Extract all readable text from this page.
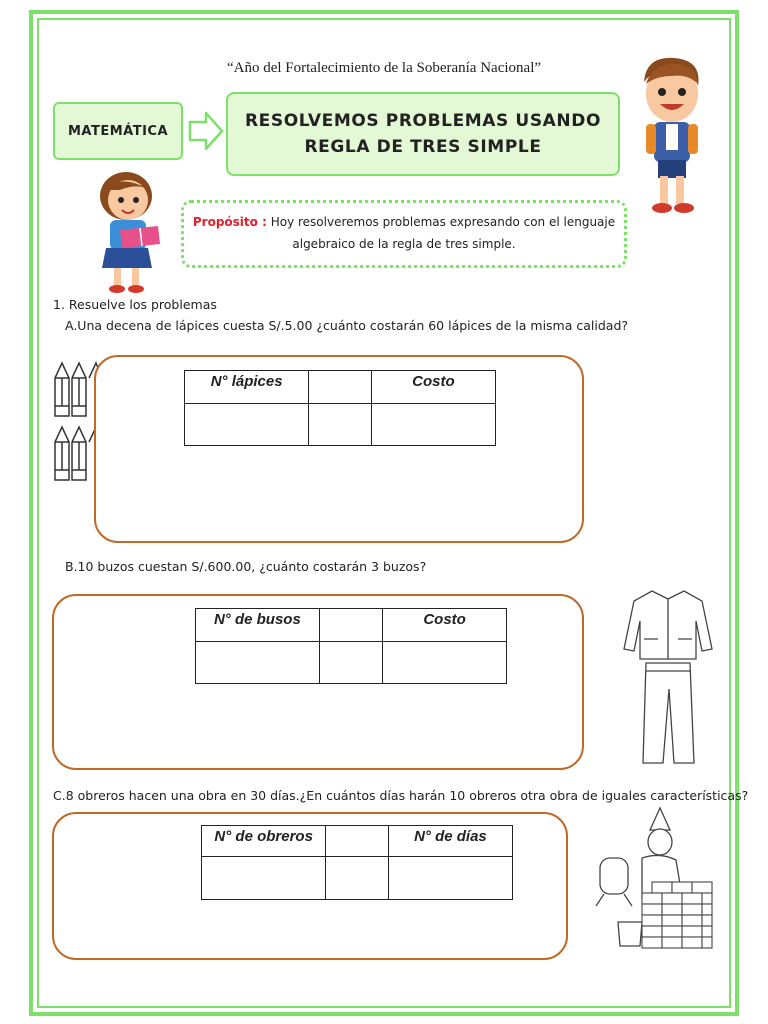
“Año del Fortalecimiento de la Soberanía Nacional”
MATEMÁTICA	RESOLVEMOS PROBLEMAS USANDO
REGLA DE TRES SIMPLE
Propósito : Hoy resolveremos problemas expresando con el lenguaje
algebraico de la regla de tres simple.
1. Resuelve los problemas
A.Una decena de lápices cuesta S/.5.00 ¿cuánto costarán 60 lápices de la misma calidad?
N° lápices		Costo

B.10 buzos cuestan S/.600.00, ¿cuánto costarán 3 buzos?
N° de busos		Costo

C.8 obreros hacen una obra en 30 días.¿En cuántos días harán 10 obreros otra obra de iguales características?
N° de obreros		N° de días
